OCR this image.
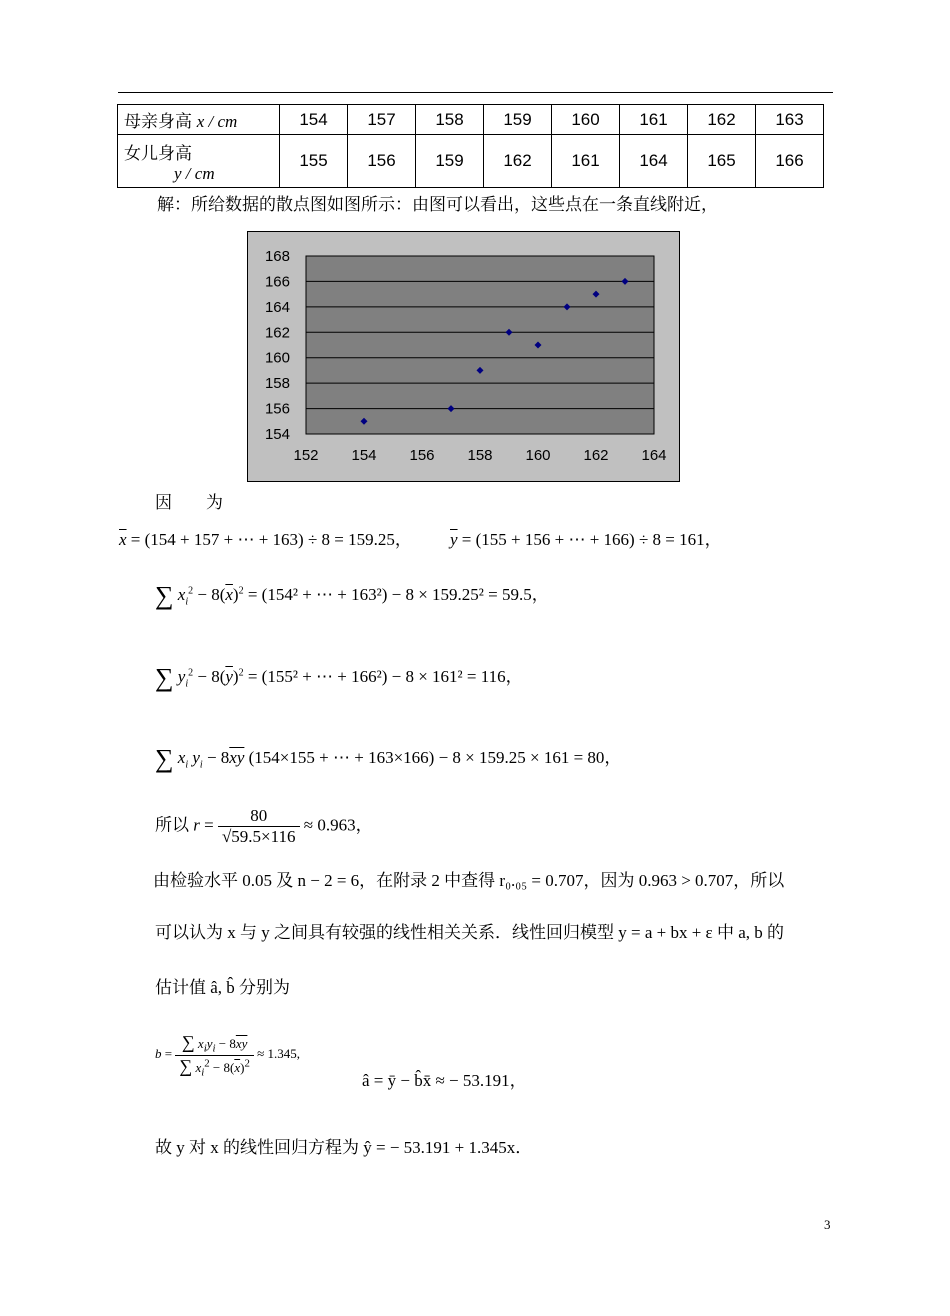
母亲身高 x / cm	154	157	158	159	160	161	162	163
女儿身高
y / cm	155	156	159	162	161	164	165	166
解：所给数据的散点图如图所示：由图可以看出，这些点在一条直线附近，
154
156
158
160
162
164
166
168
152 154 156 158 160 162 164
因　　为
$\overline{x} = (154 + 157$ + ⋯ + 163) ÷ 8 = 159.25， $\overline{y} = (155 + 156$ + ⋯ + 166) ÷ 8 = 161，
∑ $x_i^2 - 8(\overline{x})^2 = (154^2$ + ⋯ + 163²) − 8 × 159.25² = 59.5，
∑ $y_i^2 - 8(\overline{y})^2 = (155^2$ + ⋯ + 166²) − 8 × 161² = 116，
∑ $x_i$ $y_i - 8\overline{xy}$ (154×155 + ⋯ + 163×166) − 8 × 159.25 × 161 = 80，
所以 $r = \frac{80}{√59.5\times 116} \approx 0.963$，
由检验水平 0.05 及 n − 2 = 6，在附录 2 中查得 r₀.₀₅ = 0.707，因为 0.963 > 0.707，所以
可以认为 x 与 y 之间具有较强的线性相关关系．线性回归模型 y = a + bx + ε 中 a, b 的
估计值 â, b̂ 分别为
$b = \frac{\sum x_iy_i - 8\overline{xy}}{\sum x_i^2 - 8(\overline{x})^2} \approx 1.345$,
â = ȳ − b̂x̄ ≈ − 53.191，
故 y 对 x 的线性回归方程为 ŷ = − 53.191 + 1.345x．
3
